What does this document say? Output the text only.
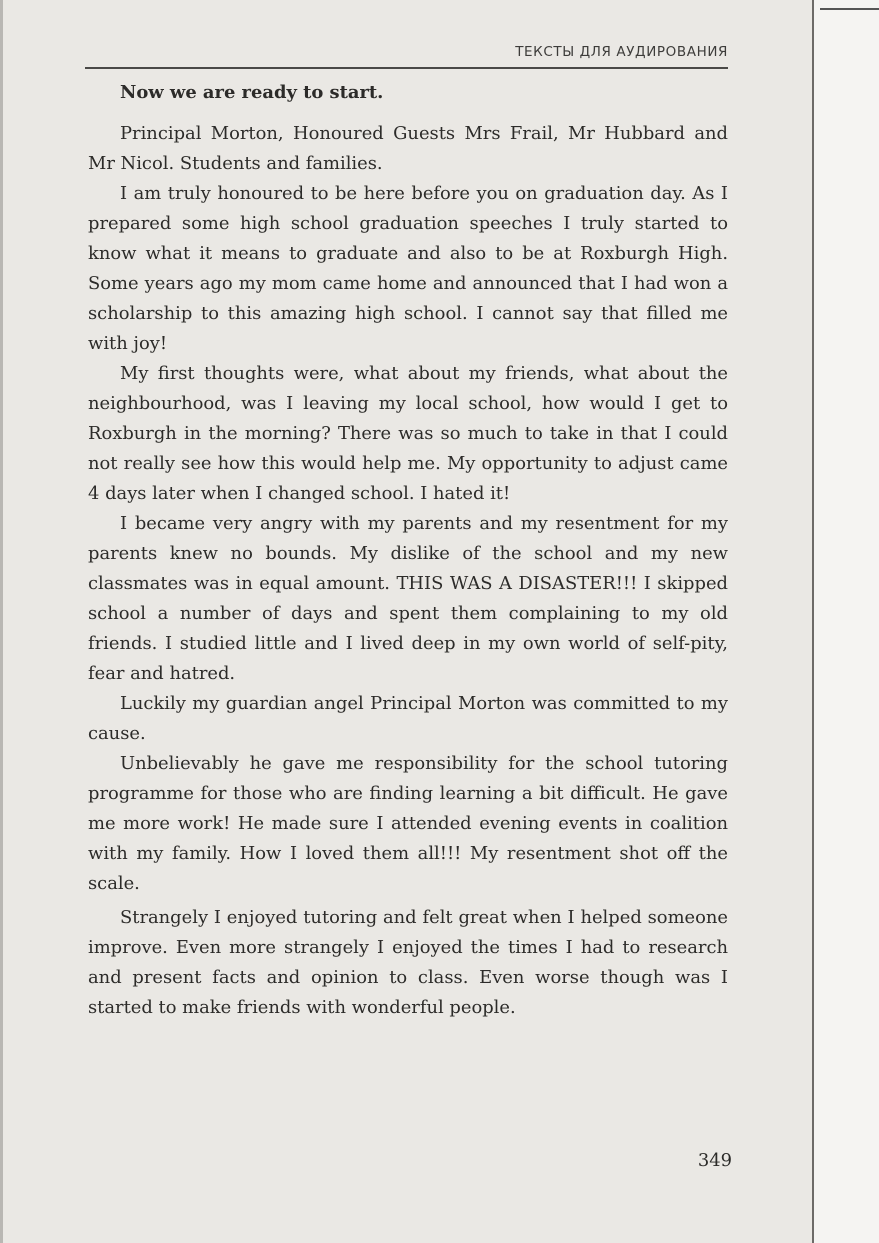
ТЕКСТЫ ДЛЯ АУДИРОВАНИЯ

Now we are ready to start.

Principal Morton, Honoured Guests Mrs Frail, Mr Hubbard and Mr Nicol. Students and families.

I am truly honoured to be here before you on graduation day. As I prepared some high school graduation speeches I truly started to know what it means to graduate and also to be at Roxburgh High. Some years ago my mom came home and announced that I had won a scholarship to this amazing high school. I cannot say that filled me with joy!

My first thoughts were, what about my friends, what about the neighbourhood, was I leaving my local school, how would I get to Roxburgh in the morning? There was so much to take in that I could not really see how this would help me. My opportunity to adjust came 4 days later when I changed school. I hated it!

I became very angry with my parents and my resentment for my parents knew no bounds. My dislike of the school and my new classmates was in equal amount. THIS WAS A DISASTER!!! I skipped school a number of days and spent them complaining to my old friends. I studied little and I lived deep in my own world of self-pity, fear and hatred.

Luckily my guardian angel Principal Morton was committed to my cause.

Unbelievably he gave me responsibility for the school tutoring programme for those who are finding learning a bit difficult. He gave me more work! He made sure I attended evening events in coalition with my family. How I loved them all!!! My resentment shot off the scale.

Strangely I enjoyed tutoring and felt great when I helped someone improve. Even more strangely I enjoyed the times I had to research and present facts and opinion to class. Even worse though was I started to make friends with wonderful people.

349
